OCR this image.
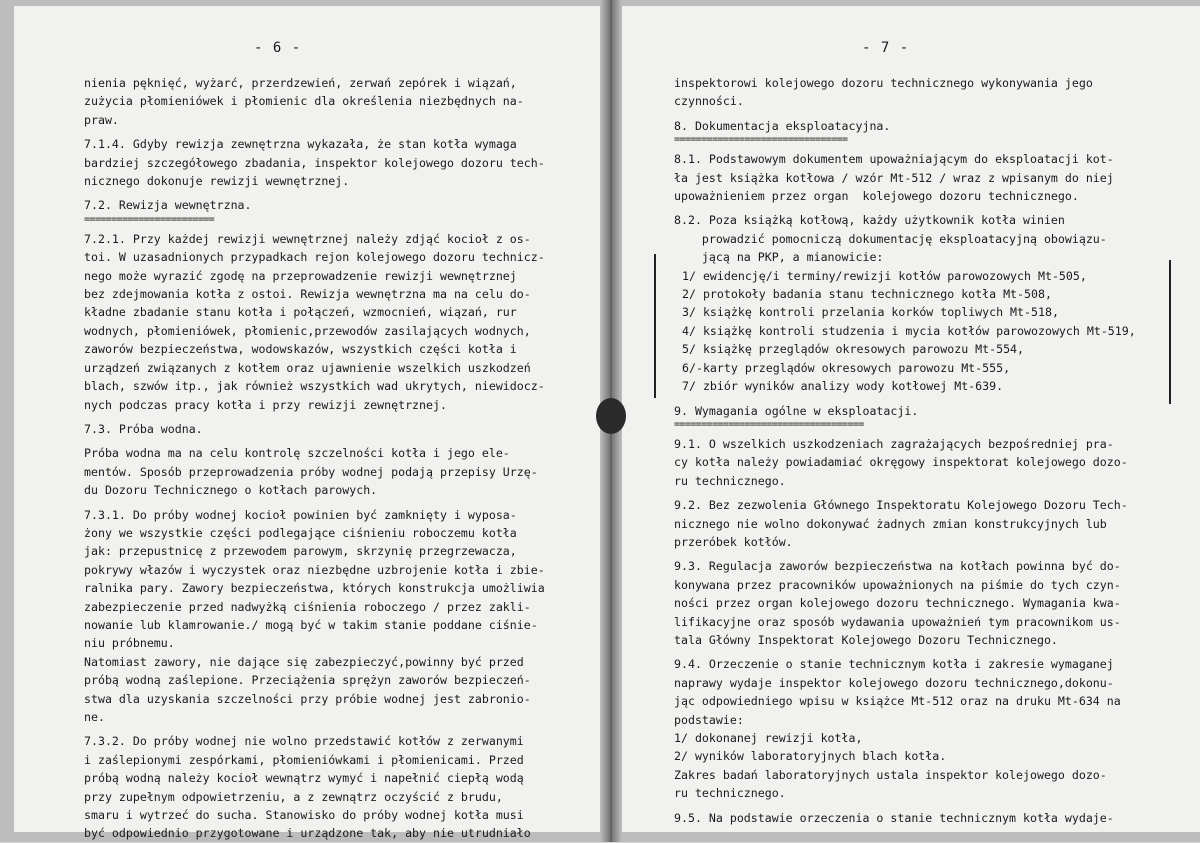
- 6 -
nienia pęknięć, wyżarć, przerdzewień, zerwań zepórek i wiązań,
zużycia płomieniówek i płomienic dla określenia niezbędnych na-
praw.
7.1.4. Gdyby rewizja zewnętrzna wykazała, że stan kotła wymaga
bardziej szczegółowego zbadania, inspektor kolejowego dozoru tech-
nicznego dokonuje rewizji wewnętrznej.
7.2. Rewizja wewnętrzna.
========================
7.2.1. Przy każdej rewizji wewnętrznej należy zdjąć kocioł z os-
toi. W uzasadnionych przypadkach rejon kolejowego dozoru technicz-
nego może wyrazić zgodę na przeprowadzenie rewizji wewnętrznej
bez zdejmowania kotła z ostoi. Rewizja wewnętrzna ma na celu do-
kładne zbadanie stanu kotła i połączeń, wzmocnień, wiązań, rur
wodnych, płomieniówek, płomienic,przewodów zasilających wodnych,
zaworów bezpieczeństwa, wodowskazów, wszystkich części kotła i
urządzeń związanych z kotłem oraz ujawnienie wszelkich uszkodzeń
blach, szwów itp., jak również wszystkich wad ukrytych, niewidocz-
nych podczas pracy kotła i przy rewizji zewnętrznej.
7.3. Próba wodna.
Próba wodna ma na celu kontrolę szczelności kotła i jego ele-
mentów. Sposób przeprowadzenia próby wodnej podają przepisy Urzę-
du Dozoru Technicznego o kotłach parowych.
7.3.1. Do próby wodnej kocioł powinien być zamknięty i wyposa-
żony we wszystkie części podlegające ciśnieniu roboczemu kotła
jak: przepustnicę z przewodem parowym, skrzynię przegrzewacza,
pokrywy włazów i wyczystek oraz niezbędne uzbrojenie kotła i zbie-
ralnika pary. Zawory bezpieczeństwa, których konstrukcja umożliwia
zabezpieczenie przed nadwyżką ciśnienia roboczego / przez zakli-
nowanie lub klamrowanie./ mogą być w takim stanie poddane ciśnie-
niu próbnemu.
Natomiast zawory, nie dające się zabezpieczyć,powinny być przed
próbą wodną zaślepione. Przeciążenia sprężyn zaworów bezpieczeń-
stwa dla uzyskania szczelności przy próbie wodnej jest zabronio-
ne.
7.3.2. Do próby wodnej nie wolno przedstawić kotłów z zerwanymi
i zaślepionymi zespórkami, płomieniówkami i płomienicami. Przed
próbą wodną należy kocioł wewnątrz wymyć i napełnić ciepłą wodą
przy zupełnym odpowietrzeniu, a z zewnątrz oczyścić z brudu,
smaru i wytrzeć do sucha. Stanowisko do próby wodnej kotła musi
być odpowiednio przygotowane i urządzone tak, aby nie utrudniało
- 7 -
inspektorowi kolejowego dozoru technicznego wykonywania jego
czynności.
8. Dokumentacja eksploatacyjna.
================================
8.1. Podstawowym dokumentem upoważniającym do eksploatacji kot-
ła jest książka kotłowa / wzór Mt-512 / wraz z wpisanym do niej
upoważnieniem przez organ  kolejowego dozoru technicznego.
8.2. Poza książką kotłową, każdy użytkownik kotła winien
prowadzić pomocniczą dokumentację eksploatacyjną obowiązu-
jącą na PKP, a mianowicie:
1/ ewidencję/i terminy/rewizji kotłów parowozowych Mt-505,
2/ protokoły badania stanu technicznego kotła Mt-508,
3/ książkę kontroli przelania korków topliwych Mt-518,
4/ książkę kontroli studzenia i mycia kotłów parowozowych Mt-519,
5/ książkę przeglądów okresowych parowozu Mt-554,
6/-karty przeglądów okresowych parowozu Mt-555,
7/ zbiór wyników analizy wody kotłowej Mt-639.
9. Wymagania ogólne w eksploatacji.
===================================
9.1. O wszelkich uszkodzeniach zagrażających bezpośredniej pra-
cy kotła należy powiadamiać okręgowy inspektorat kolejowego dozo-
ru technicznego.
9.2. Bez zezwolenia Głównego Inspektoratu Kolejowego Dozoru Tech-
nicznego nie wolno dokonywać żadnych zmian konstrukcyjnych lub
przeróbek kotłów.
9.3. Regulacja zaworów bezpieczeństwa na kotłach powinna być do-
konywana przez pracowników upoważnionych na piśmie do tych czyn-
ności przez organ kolejowego dozoru technicznego. Wymagania kwa-
lifikacyjne oraz sposób wydawania upoważnień tym pracownikom us-
tala Główny Inspektorat Kolejowego Dozoru Technicznego.
9.4. Orzeczenie o stanie technicznym kotła i zakresie wymaganej
naprawy wydaje inspektor kolejowego dozoru technicznego,dokonu-
jąc odpowiedniego wpisu w książce Mt-512 oraz na druku Mt-634 na
podstawie:
1/ dokonanej rewizji kotła,
2/ wyników laboratoryjnych blach kotła.
Zakres badań laboratoryjnych ustala inspektor kolejowego dozo-
ru technicznego.
9.5. Na podstawie orzeczenia o stanie technicznym kotła wydaje-
